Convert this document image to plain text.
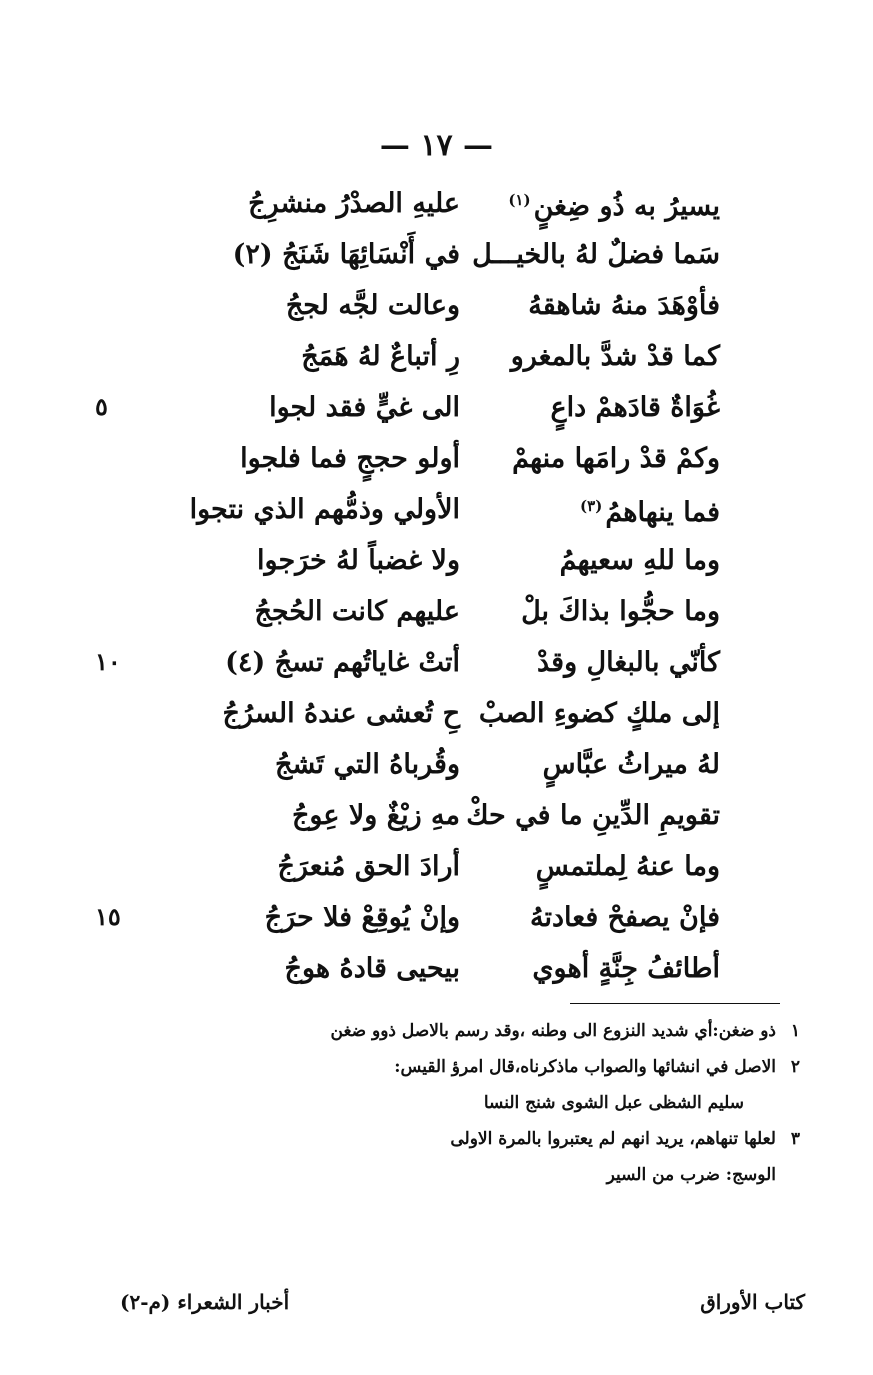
— ١٧ —
يسيرُ به ذُو ضِغنٍ$^{(١)}$
عليهِ الصدْرُ منشرِجُ
سَما فضلٌ لهُ بالخيـــل
في أَنْسَائِهَا شَنَجُ (٢)
فأوْهَدَ منهُ شاهقهُ
وعالت لجَّه لججُ
كما قدْ شدَّ بالمغرو
رِ أتباعٌ لهُ هَمَجُ
غُوَاةٌ قادَهمْ داعٍ
الى غيٍّ فقد لجوا
وكمْ قدْ رامَها منهمْ
أولو حججٍ فما فلجوا
فما ينهاهمُ$^{(٣)}$
الأولي وذمُّهم الذي نتجوا
وما للهِ سعيهمُ
ولا غضباً لهُ خرَجوا
وما حجُّوا بذاكَ بلْ
عليهم كانت الحُججُ
كأنّي بالبغالِ وقدْ
أتتْ غاياتُهم تسجُ (٤)
إلى ملكٍ كضوءِ الصبْ
حِ تُعشى عندهُ السرُجُ
لهُ ميراثُ عبَّاسٍ
وقُرباهُ التي تَشجُ
تقويمِ الدِّينِ ما في حكْ
مهِ زيْغٌ ولا عِوجُ
وما عنهُ لِملتمسٍ
أرادَ الحق مُنعرَجُ
فإنْ يصفحْ فعادتهُ
وإنْ يُوقِعْ فلا حرَجُ
أطائفُ جِنَّةٍ أهوي
بيحيى قادهُ هوجُ
٥
١٠
١٥
١ذو ضغن:أي شديد النزوع الى وطنه ،وقد رسم بالاصل ذوو ضغن
٢الاصل في انشائها والصواب ماذكرناه،قال امرؤ القيس:
سليم الشظى عبل الشوى شنج النسا
٣لعلها تنهاهم، يريد انهم لم يعتبروا بالمرة الاولى
الوسج: ضرب من السير
كتاب الأوراق
أخبار الشعراء (م-٢)
